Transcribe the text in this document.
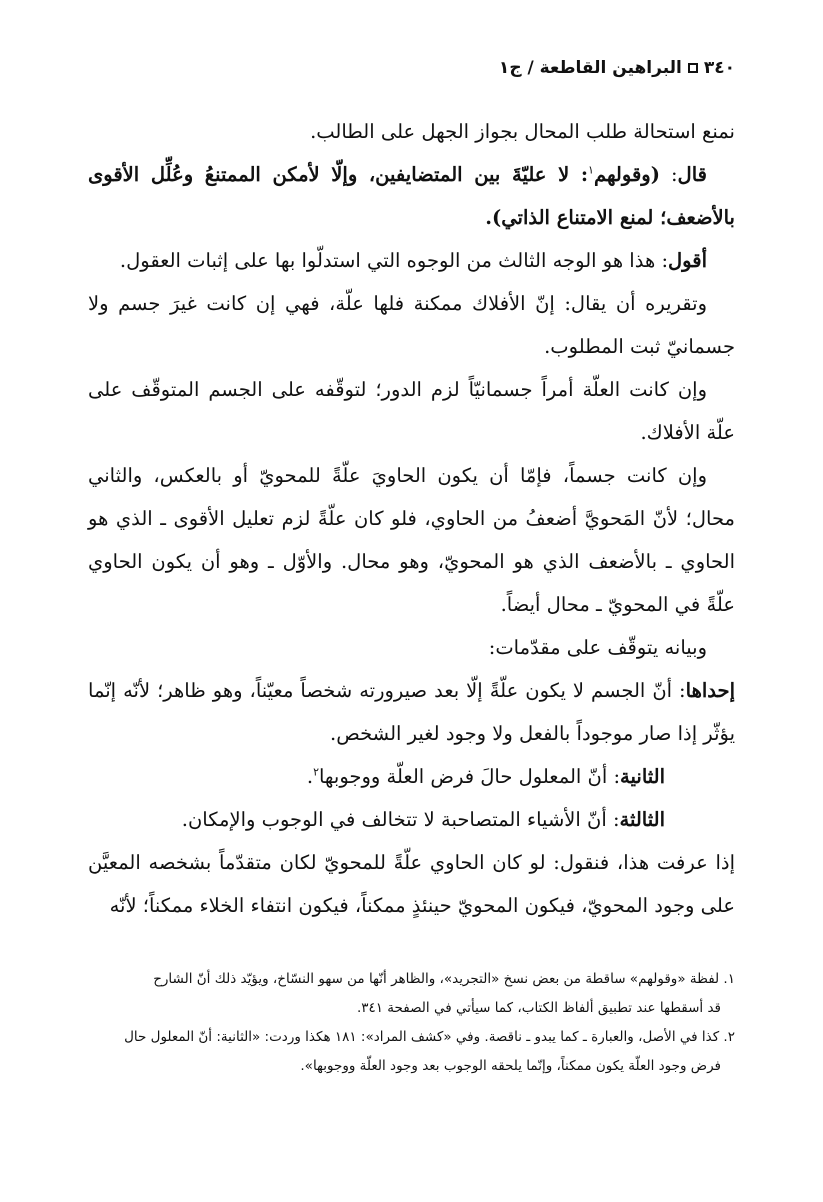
٣٤٠
البراهين القاطعة / ج١

نمنع استحالة طلب المحال بجواز الجهل على الطالب.

قال: (وقولهم$^١$: لا عليّةَ بين المتضايفين، وإلّا لأمكن الممتنعُ وعُلِّل الأقوى بالأضعف؛ لمنع الامتناع الذاتي).

أقول: هذا هو الوجه الثالث من الوجوه التي استدلّوا بها على إثبات العقول.

وتقريره أن يقال: إنّ الأفلاك ممكنة فلها علّة، فهي إن كانت غيرَ جسم ولا جسمانيّ ثبت المطلوب.

وإن كانت العلّة أمراً جسمانيّاً لزم الدور؛ لتوقّفه على الجسم المتوقّف على علّة الأفلاك.

وإن كانت جسماً، فإمّا أن يكون الحاويَ علّةً للمحويّ أو بالعكس، والثاني محال؛ لأنّ المَحويَّ أضعفُ من الحاوي، فلو كان علّةً لزم تعليل الأقوى ـ الذي هو الحاوي ـ بالأضعف الذي هو المحويّ، وهو محال. والأوّل ـ وهو أن يكون الحاوي علّةً في المحويّ ـ محال أيضاً.

وبيانه يتوقّف على مقدّمات:

إحداها: أنّ الجسم لا يكون علّةً إلّا بعد صيرورته شخصاً معيّناً، وهو ظاهر؛ لأنّه إنّما يؤثّر إذا صار موجوداً بالفعل ولا وجود لغير الشخص.

الثانية: أنّ المعلول حالَ فرض العلّة ووجوبها$^٢$.

الثالثة: أنّ الأشياء المتصاحبة لا تتخالف في الوجوب والإمكان.

إذا عرفت هذا، فنقول: لو كان الحاوي علّةً للمحويّ لكان متقدّماً بشخصه المعيَّن على وجود المحويّ، فيكون المحويّ حينئذٍ ممكناً، فيكون انتفاء الخلاء ممكناً؛ لأنّه

١. لفظة «وقولهم» ساقطة من بعض نسخ «التجريد»، والظاهر أنّها من سهو النسّاخ، ويؤيّد ذلك أنّ الشارح
قد أسقطها عند تطبيق ألفاظ الكتاب، كما سيأتي في الصفحة ٣٤١.

٢. كذا في الأصل، والعبارة ـ كما يبدو ـ ناقصة. وفي «كشف المراد»: ١٨١ هكذا وردت: «الثانية: أنّ المعلول حال
فرض وجود العلّة يكون ممكناً، وإنّما يلحقه الوجوب بعد وجود العلّة ووجوبها».
